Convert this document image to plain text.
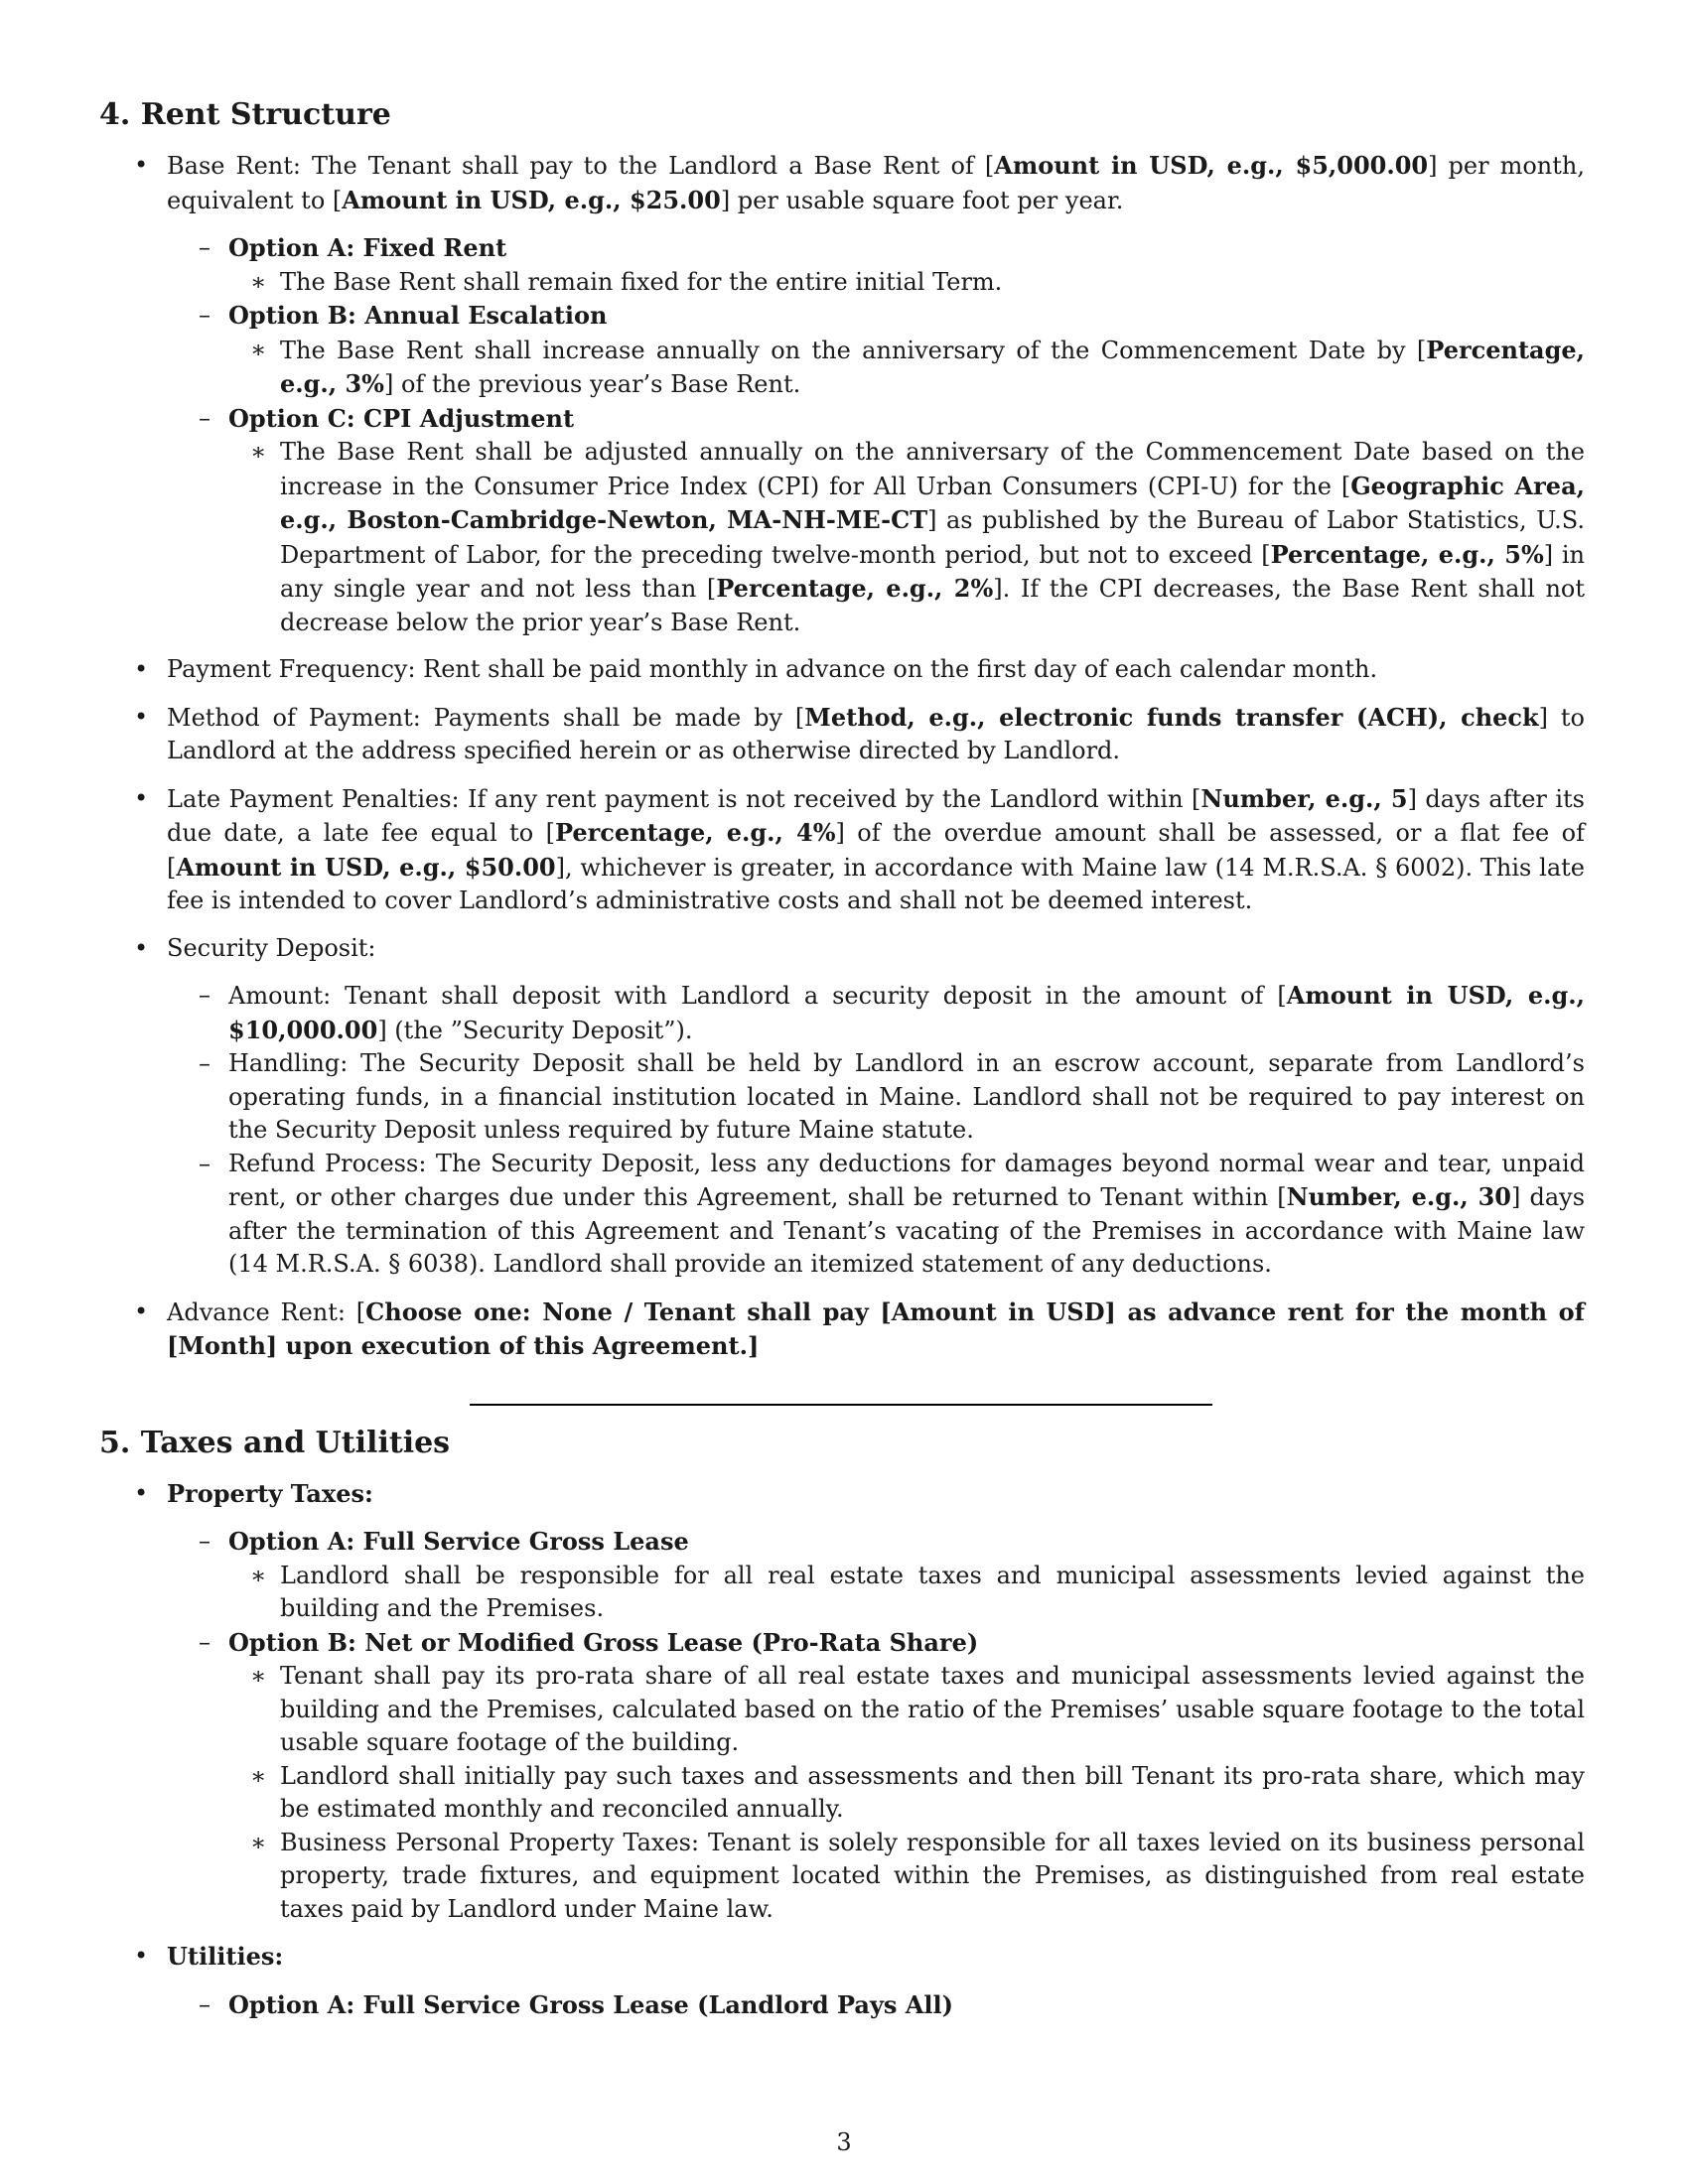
4. Rent Structure
• Base Rent: The Tenant shall pay to the Landlord a Base Rent of [Amount in USD, e.g., $5,000.00] per month, equivalent to [Amount in USD, e.g., $25.00] per usable square foot per year.
– Option A: Fixed Rent
∗ The Base Rent shall remain fixed for the entire initial Term.
– Option B: Annual Escalation
∗ The Base Rent shall increase annually on the anniversary of the Commencement Date by [Percentage, e.g., 3%] of the previous year’s Base Rent.
– Option C: CPI Adjustment
∗ The Base Rent shall be adjusted annually on the anniversary of the Commencement Date based on the increase in the Consumer Price Index (CPI) for All Urban Consumers (CPI-U) for the [Geographic Area, e.g., Boston-Cambridge-Newton, MA-NH-ME-CT] as published by the Bureau of Labor Statistics, U.S. Department of Labor, for the preceding twelve-month period, but not to exceed [Percentage, e.g., 5%] in any single year and not less than [Percentage, e.g., 2%]. If the CPI decreases, the Base Rent shall not decrease below the prior year’s Base Rent.
• Payment Frequency: Rent shall be paid monthly in advance on the first day of each calendar month.
• Method of Payment: Payments shall be made by [Method, e.g., electronic funds transfer (ACH), check] to Landlord at the address specified herein or as otherwise directed by Landlord.
• Late Payment Penalties: If any rent payment is not received by the Landlord within [Number, e.g., 5] days after its due date, a late fee equal to [Percentage, e.g., 4%] of the overdue amount shall be assessed, or a flat fee of [Amount in USD, e.g., $50.00], whichever is greater, in accordance with Maine law (14 M.R.S.A. § 6002). This late fee is intended to cover Landlord’s administrative costs and shall not be deemed interest.
• Security Deposit:
– Amount: Tenant shall deposit with Landlord a security deposit in the amount of [Amount in USD, e.g., $10,000.00] (the ”Security Deposit”).
– Handling: The Security Deposit shall be held by Landlord in an escrow account, separate from Landlord’s operating funds, in a financial institution located in Maine. Landlord shall not be required to pay interest on the Security Deposit unless required by future Maine statute.
– Refund Process: The Security Deposit, less any deductions for damages beyond normal wear and tear, unpaid rent, or other charges due under this Agreement, shall be returned to Tenant within [Number, e.g., 30] days after the termination of this Agreement and Tenant’s vacating of the Premises in accordance with Maine law (14 M.R.S.A. § 6038). Landlord shall provide an itemized statement of any deductions.
• Advance Rent: [Choose one: None / Tenant shall pay [Amount in USD] as advance rent for the month of [Month] upon execution of this Agreement.]
5. Taxes and Utilities
• Property Taxes:
– Option A: Full Service Gross Lease
∗ Landlord shall be responsible for all real estate taxes and municipal assessments levied against the building and the Premises.
– Option B: Net or Modified Gross Lease (Pro-Rata Share)
∗ Tenant shall pay its pro-rata share of all real estate taxes and municipal assessments levied against the building and the Premises, calculated based on the ratio of the Premises’ usable square footage to the total usable square footage of the building.
∗ Landlord shall initially pay such taxes and assessments and then bill Tenant its pro-rata share, which may be estimated monthly and reconciled annually.
∗ Business Personal Property Taxes: Tenant is solely responsible for all taxes levied on its business personal property, trade fixtures, and equipment located within the Premises, as distinguished from real estate taxes paid by Landlord under Maine law.
• Utilities:
– Option A: Full Service Gross Lease (Landlord Pays All)
3
